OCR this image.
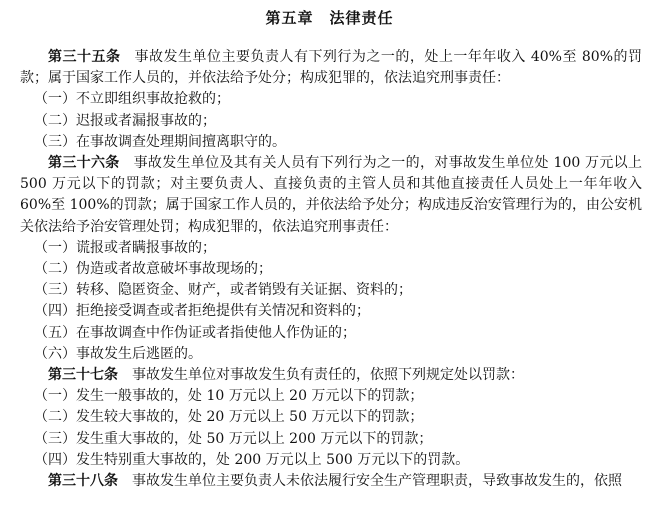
第五章　法律责任

第三十五条 事故发生单位主要负责人有下列行为之一的，处上一年年收入 40%至 80%的罚款；属于国家工作人员的，并依法给予处分；构成犯罪的，依法追究刑事责任：

（一）不立即组织事故抢救的；

（二）迟报或者漏报事故的；

（三）在事故调查处理期间擅离职守的。

第三十六条 事故发生单位及其有关人员有下列行为之一的，对事故发生单位处 100 万元以上 500 万元以下的罚款；对主要负责人、直接负责的主管人员和其他直接责任人员处上一年年收入 60%至 100%的罚款；属于国家工作人员的，并依法给予处分；构成违反治安管理行为的，由公安机关依法给予治安管理处罚；构成犯罪的，依法追究刑事责任：

（一）谎报或者瞒报事故的；

（二）伪造或者故意破坏事故现场的；

（三）转移、隐匿资金、财产，或者销毁有关证据、资料的；

（四）拒绝接受调查或者拒绝提供有关情况和资料的；

（五）在事故调查中作伪证或者指使他人作伪证的；

（六）事故发生后逃匿的。

第三十七条 事故发生单位对事故发生负有责任的，依照下列规定处以罚款：

（一）发生一般事故的，处 10 万元以上 20 万元以下的罚款；

（二）发生较大事故的，处 20 万元以上 50 万元以下的罚款；

（三）发生重大事故的，处 50 万元以上 200 万元以下的罚款；

（四）发生特别重大事故的，处 200 万元以上 500 万元以下的罚款。

第三十八条 事故发生单位主要负责人未依法履行安全生产管理职责，导致事故发生的，依照
